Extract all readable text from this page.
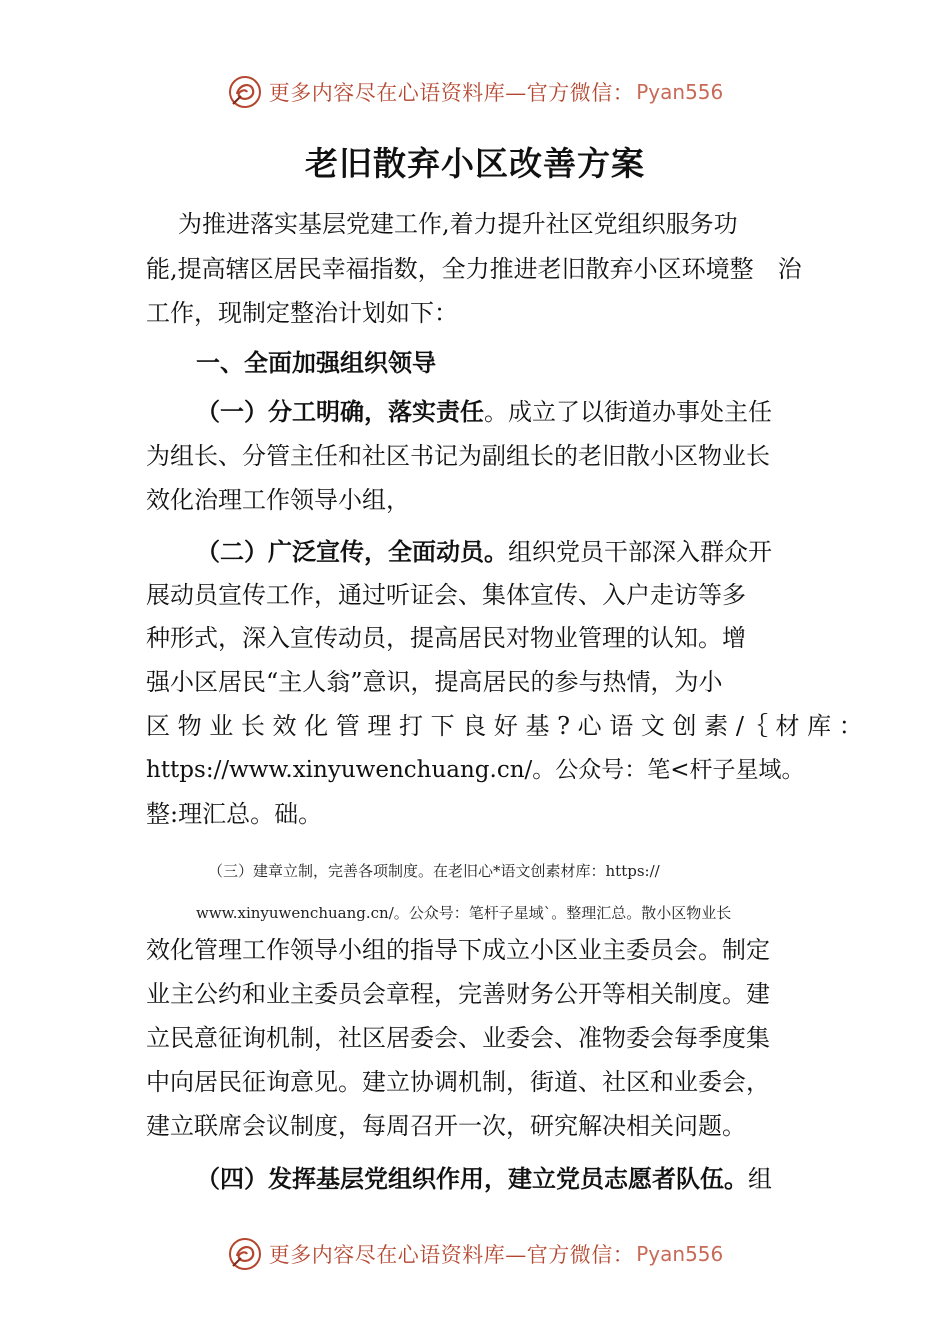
更多内容尽在心语资料库—官方微信： Pyan556
老旧散弃小区改善方案
为推进落实基层党建工作,着力提升社区党组织服务功
能,提高辖区居民幸福指数，全力推进老旧散弃小区环境整　治
工作，现制定整治计划如下：
一、全面加强组织领导
（一）分工明确，落实责任。成立了以街道办事处主任
为组长、分管主任和社区书记为副组长的老旧散小区物业长
效化治理工作领导小组，
（二）广泛宣传，全面动员。组织党员干部深入群众开
展动员宣传工作，通过听证会、集体宣传、入户走访等多
种形式，深入宣传动员，提高居民对物业管理的认知。增
强小区居民“主人翁”意识，提高居民的参与热情，为小
区 物 业 长 效 化 管 理 打 下 良 好 基 ? 心 语 文 创 素 /｛ 材 库 ：
https://www.xinyuwenchuang.cn/。公众号：笔<杆子星域。
整:理汇总。础。
（三）建章立制，完善各项制度。在老旧心*语文创素材库：https://
www.xinyuwenchuang.cn/。公众号：笔杆子星域`。整理汇总。散小区物业长
效化管理工作领导小组的指导下成立小区业主委员会。制定
业主公约和业主委员会章程，完善财务公开等相关制度。建
立民意征询机制，社区居委会、业委会、准物委会每季度集
中向居民征询意见。建立协调机制，街道、社区和业委会，
建立联席会议制度，每周召开一次，研究解决相关问题。
（四）发挥基层党组织作用，建立党员志愿者队伍。组
更多内容尽在心语资料库—官方微信： Pyan556
